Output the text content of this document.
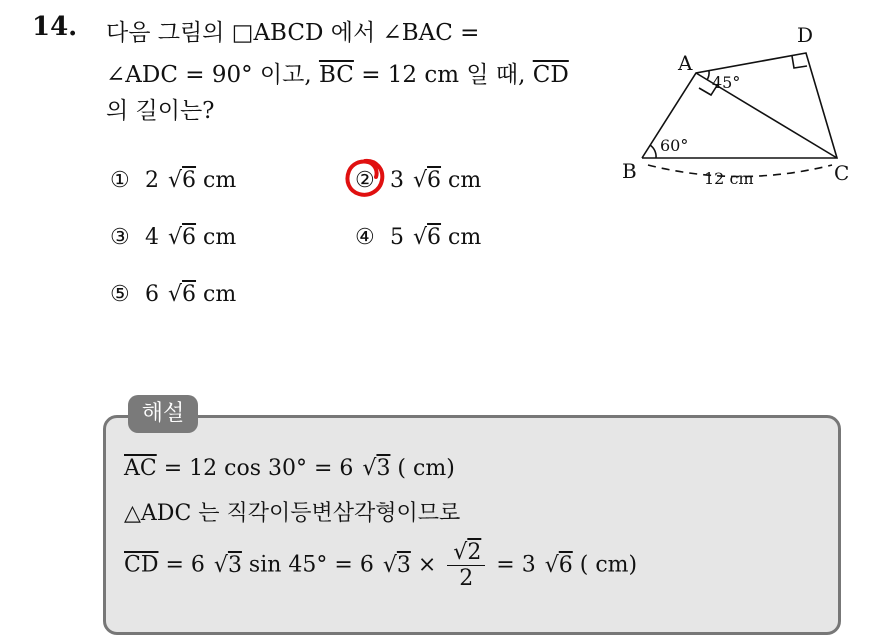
14. 다음 그림의 □ABCD 에서 ∠BAC =
∠ADC = 90° 이고, $\overline{BC} = 12$ cm 일 때, $\overline{CD}$
의 길이는?
① 2 √ 6 cm	② 3 √ 6 cm
③ 4 √ 6 cm	④ 5 √ 6 cm
⑤ 6 √ 6 cm
A
B	C
D
45°
60°
12 cm
해설
$\overline{AC} = 12$ cos 30° = 6 √ 3 ( cm)
△ADC 는 직각이등변삼각형이므로
$\overline{CD} = 6$ √ 3 sin 45° = 6 √ 3 × √ $\frac{2}{2} = 3$ √ 6 ( cm)
